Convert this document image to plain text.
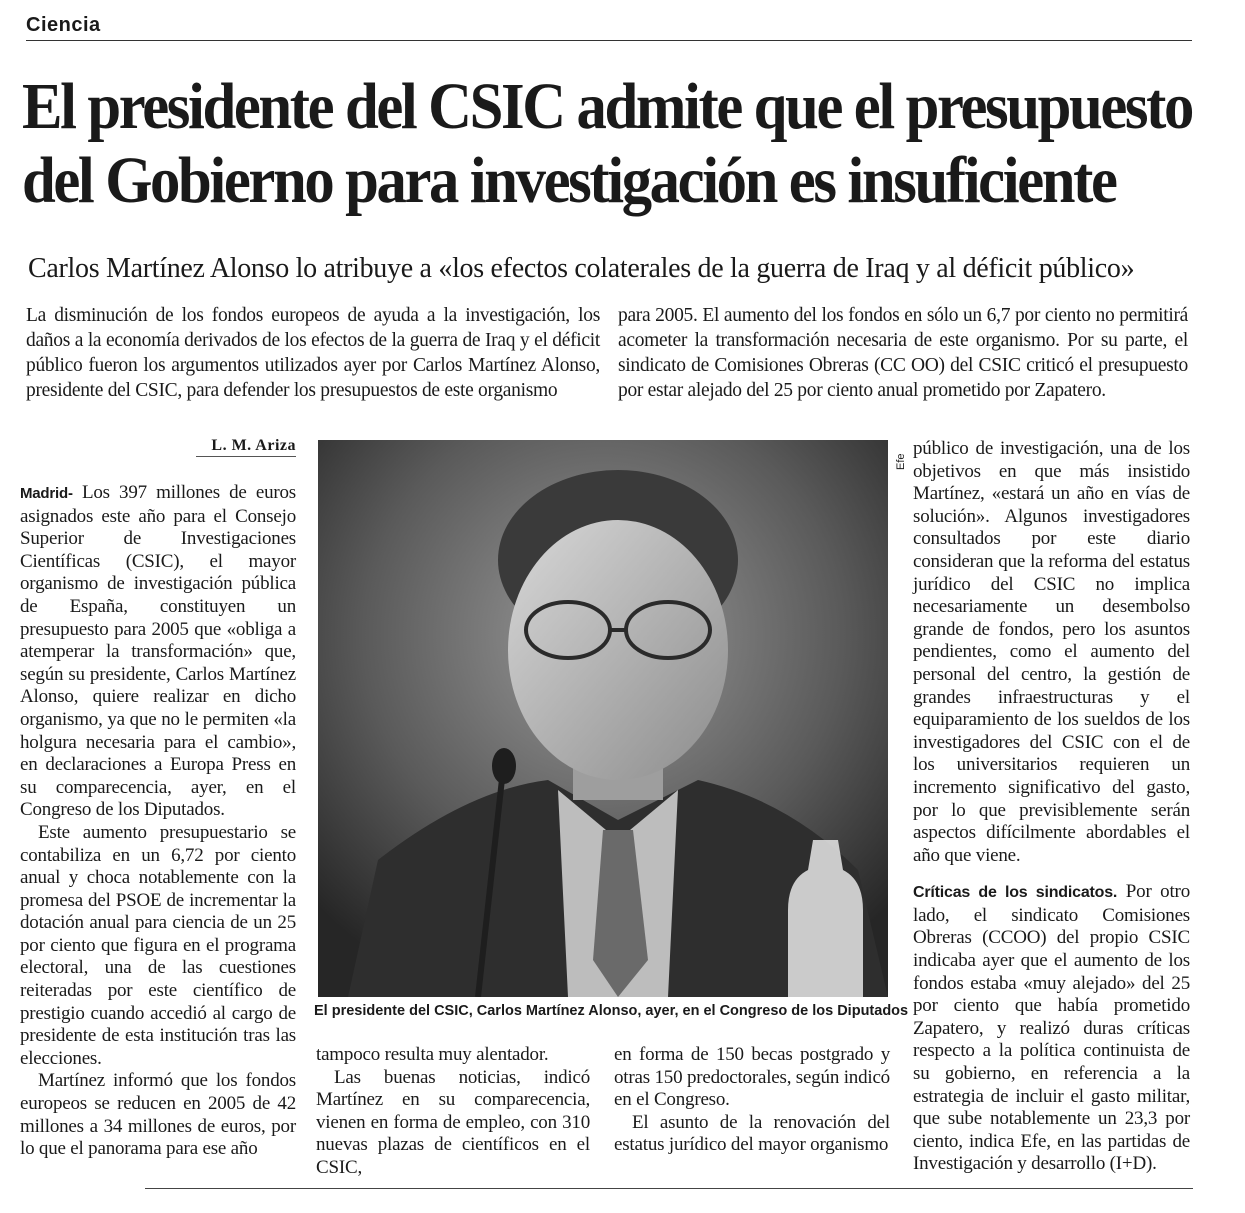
Ciencia
El presidente del CSIC admite que el presupuesto
del Gobierno para investigación es insuficiente
Carlos Martínez Alonso lo atribuye a «los efectos colaterales de la guerra de Iraq y al déficit público»

La disminución de los fondos europeos de ayuda a la investigación, los daños a la economía derivados de los efectos de la guerra de Iraq y el déficit público fueron los argumentos utilizados ayer por Carlos Martínez Alonso, presidente del CSIC, para defender los presupuestos de este organismo

para 2005. El aumento del los fondos en sólo un 6,7 por ciento no permitirá acometer la transformación necesaria de este organismo. Por su parte, el sindicato de Comisiones Obreras (CC OO) del CSIC criticó el presupuesto por estar alejado del 25 por ciento anual prometido por Zapatero.

L. M. Ariza

Madrid- Los 397 millones de euros asignados este año para el Consejo Superior de Investigaciones Científicas (CSIC), el mayor organismo de investigación pública de España, constituyen un presupuesto para 2005 que «obliga a atemperar la transformación» que, según su presidente, Carlos Martínez Alonso, quiere realizar en dicho organismo, ya que no le permiten «la holgura necesaria para el cambio», en declaraciones a Europa Press en su comparecencia, ayer, en el Congreso de los Diputados.

Este aumento presupuestario se contabiliza en un 6,72 por ciento anual y choca notablemente con la promesa del PSOE de incrementar la dotación anual para ciencia de un 25 por ciento que figura en el programa electoral, una de las cuestiones reiteradas por este científico de prestigio cuando accedió al cargo de presidente de esta institución tras las elecciones.

Martínez informó que los fondos europeos se reducen en 2005 de 42 millones a 34 millones de euros, por lo que el panorama para ese año

Efe
El presidente del CSIC, Carlos Martínez Alonso, ayer, en el Congreso de los Diputados

tampoco resulta muy alentador.

Las buenas noticias, indicó Martínez en su comparecencia, vienen en forma de empleo, con 310 nuevas plazas de científicos en el CSIC,

en forma de 150 becas postgrado y otras 150 predoctorales, según indicó en el Congreso.

El asunto de la renovación del estatus jurídico del mayor organismo

público de investigación, una de los objetivos en que más insistido Martínez, «estará un año en vías de solución». Algunos investigadores consultados por este diario consideran que la reforma del estatus jurídico del CSIC no implica necesariamente un desembolso grande de fondos, pero los asuntos pendientes, como el aumento del personal del centro, la gestión de grandes infraestructuras y el equiparamiento de los sueldos de los investigadores del CSIC con el de los universitarios requieren un incremento significativo del gasto, por lo que previsiblemente serán aspectos difícilmente abordables el año que viene.

Críticas de los sindicatos. Por otro lado, el sindicato Comisiones Obreras (CCOO) del propio CSIC indicaba ayer que el aumento de los fondos estaba «muy alejado» del 25 por ciento que había prometido Zapatero, y realizó duras críticas respecto a la política continuista de su gobierno, en referencia a la estrategia de incluir el gasto militar, que sube notablemente un 23,3 por ciento, indica Efe, en las partidas de Investigación y desarrollo (I+D).
